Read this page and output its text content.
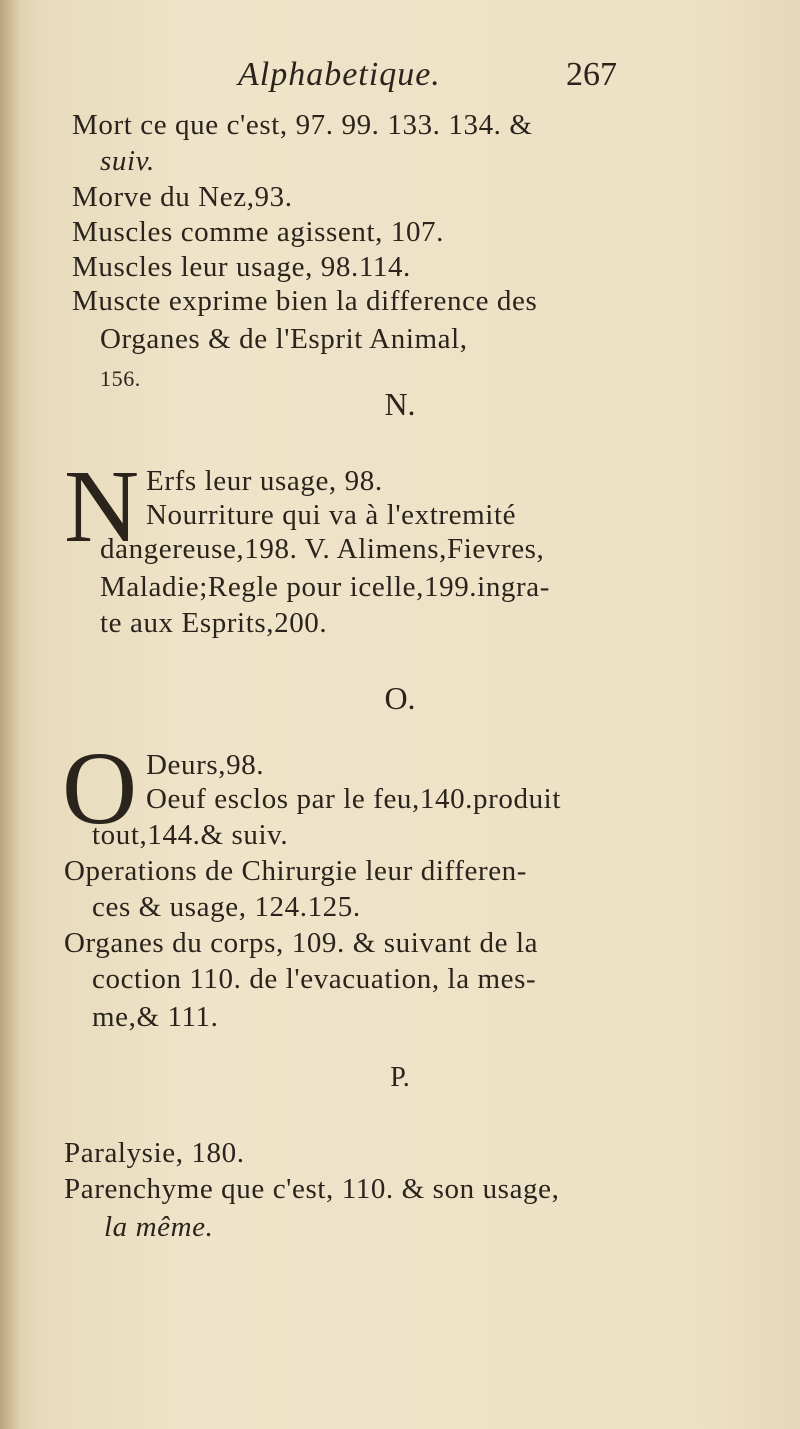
Alphabetique.	267
Mort ce que c'est, 97. 99. 133. 134. &
suiv.
Morve du Nez,93.
Muscles comme agissent, 107.
Muscles leur usage, 98.114.
Muscte exprime bien la difference des
Organes & de l'Esprit Animal,
156.
N.
N Erfs leur usage, 98.
Nourriture qui va à l'extremité
dangereuse,198. V. Alimens,Fievres,
Maladie;Regle pour icelle,199.ingra-
te aux Esprits,200.
O.
O Deurs,98.
Oeuf esclos par le feu,140.produit
tout,144.& suiv.
Operations de Chirurgie leur differen-
ces & usage, 124.125.
Organes du corps, 109. & suivant de la
coction 110. de l'evacuation, la mes-
me,& 111.
P.
Paralysie, 180.
Parenchyme que c'est, 110. & son usage,
la même.
